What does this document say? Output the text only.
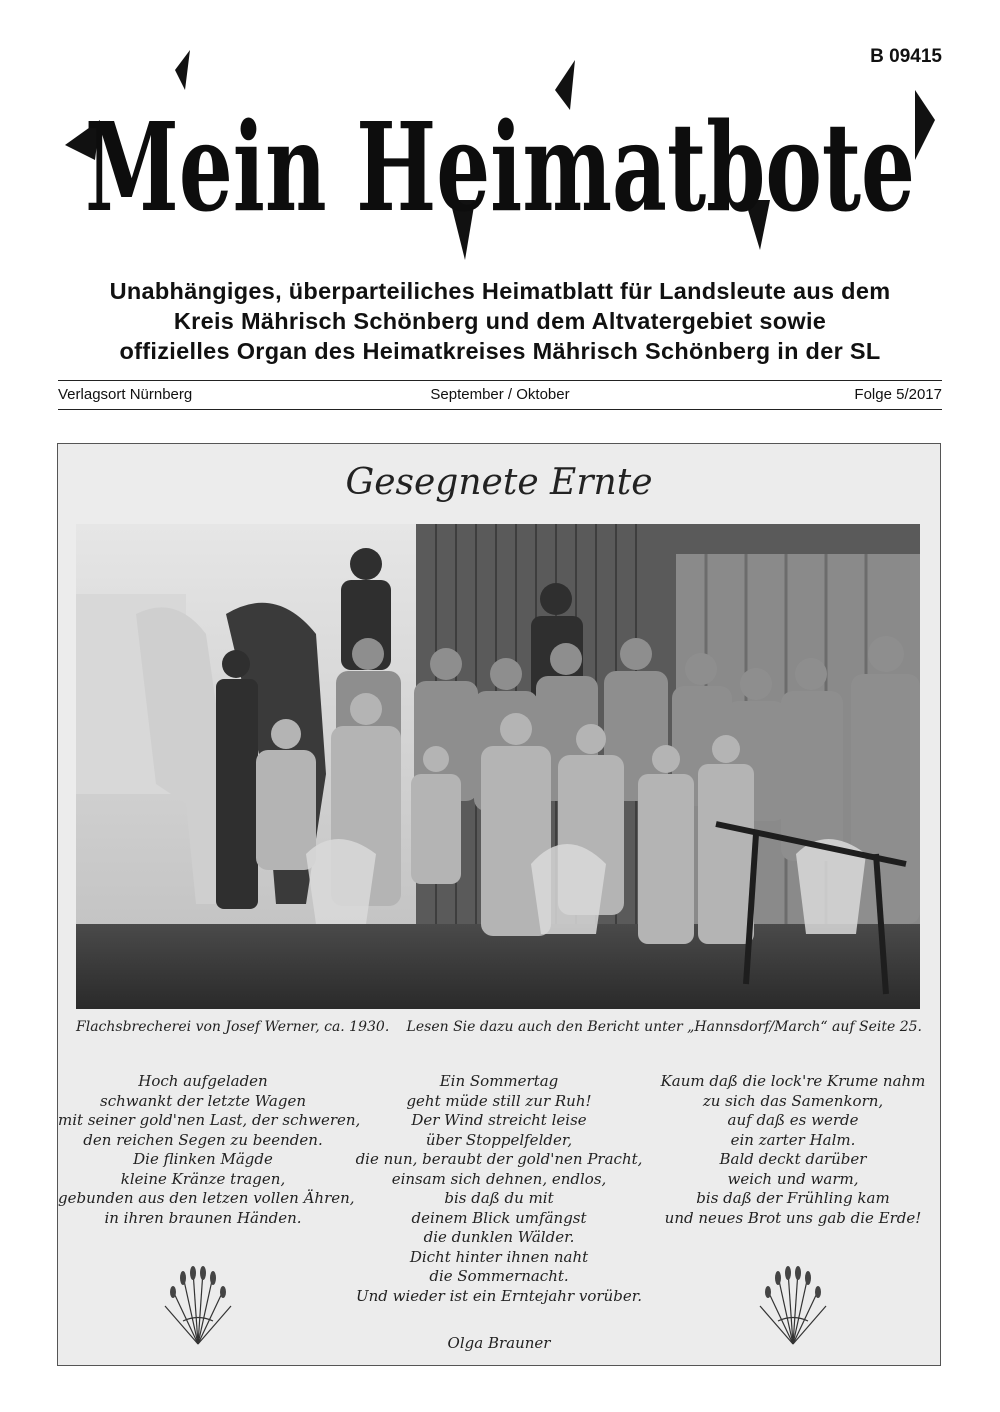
B 09415
Mein Heimatbote
Unabhängiges, überparteiliches Heimatblatt für Landsleute aus dem
Kreis Mährisch Schönberg und dem Altvatergebiet sowie
offizielles Organ des Heimatkreises Mährisch Schönberg in der SL
Verlagsort Nürnberg	September / Oktober	Folge 5/2017
Gesegnete Ernte
Flachsbrecherei von Josef Werner, ca. 1930. Lesen Sie dazu auch den Bericht unter „Hannsdorf/March“ auf Seite 25.
Hoch aufgeladen
schwankt der letzte Wagen
mit seiner gold'nen Last, der schweren,
den reichen Segen zu beenden.
Die flinken Mägde
kleine Kränze tragen,
gebunden aus den letzen vollen Ähren,
in ihren braunen Händen.
Ein Sommertag
geht müde still zur Ruh!
Der Wind streicht leise
über Stoppelfelder,
die nun, beraubt der gold'nen Pracht,
einsam sich dehnen, endlos,
bis daß du mit
deinem Blick umfängst
die dunklen Wälder.
Dicht hinter ihnen naht
die Sommernacht.
Und wieder ist ein Erntejahr vorüber.
Kaum daß die lock're Krume nahm
zu sich das Samenkorn,
auf daß es werde
ein zarter Halm.
Bald deckt darüber
weich und warm,
bis daß der Frühling kam
und neues Brot uns gab die Erde!
Olga Brauner
